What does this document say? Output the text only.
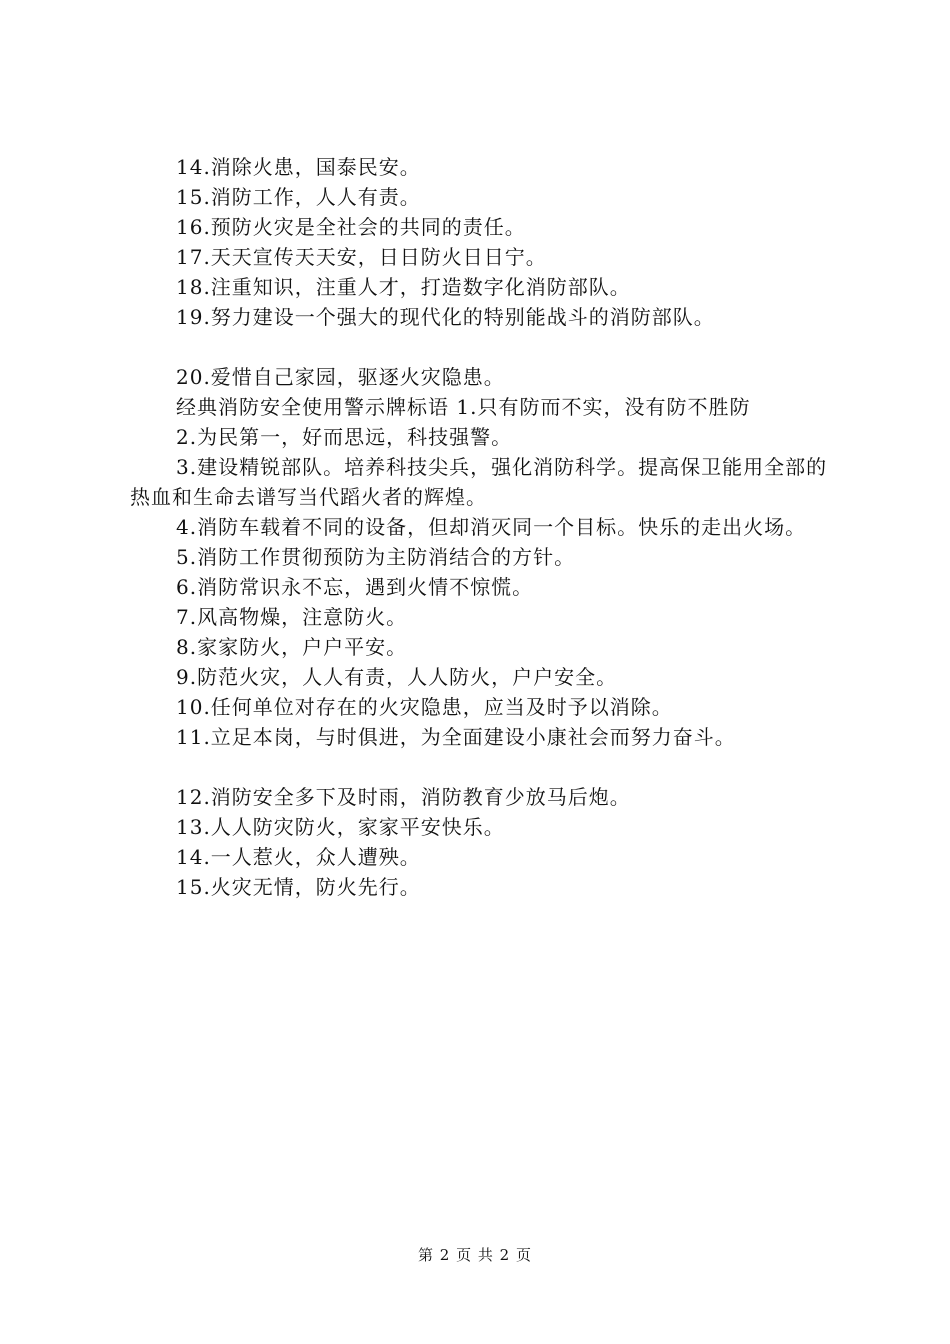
14.消除火患，国泰民安。
15.消防工作，人人有责。
16.预防火灾是全社会的共同的责任。
17.天天宣传天天安，日日防火日日宁。
18.注重知识，注重人才，打造数字化消防部队。
19.努力建设一个强大的现代化的特别能战斗的消防部队。
20.爱惜自己家园，驱逐火灾隐患。
经典消防安全使用警示牌标语 1.只有防而不实，没有防不胜防
2.为民第一，好而思远，科技强警。
3.建设精锐部队。培养科技尖兵，强化消防科学。提高保卫能用全部的热血和生命去谱写当代蹈火者的辉煌。
4.消防车载着不同的设备，但却消灭同一个目标。快乐的走出火场。
5.消防工作贯彻预防为主防消结合的方针。
6.消防常识永不忘，遇到火情不惊慌。
7.风高物燥，注意防火。
8.家家防火，户户平安。
9.防范火灾，人人有责，人人防火，户户安全。
10.任何单位对存在的火灾隐患，应当及时予以消除。
11.立足本岗，与时俱进，为全面建设小康社会而努力奋斗。
12.消防安全多下及时雨，消防教育少放马后炮。
13.人人防灾防火，家家平安快乐。
14.一人惹火，众人遭殃。
15.火灾无情，防火先行。
第 2 页 共 2 页
